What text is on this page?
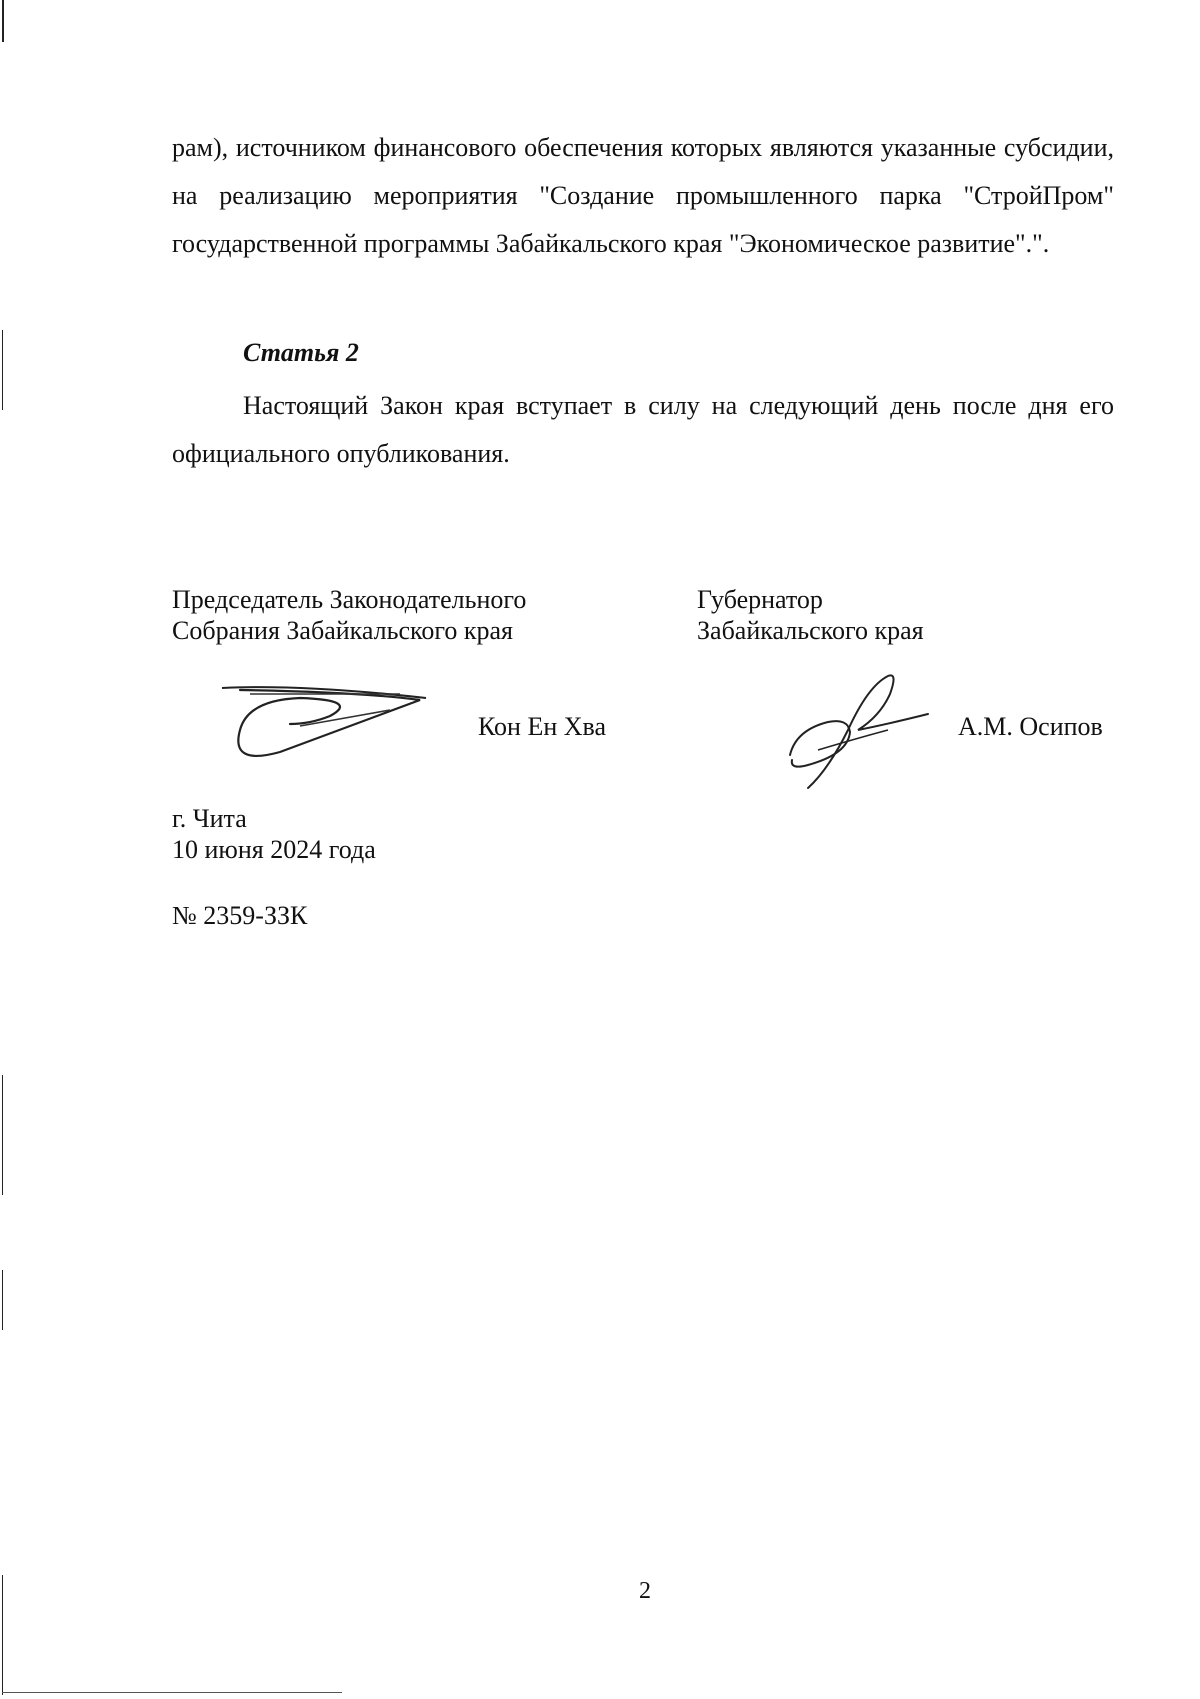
рам), источником финансового обеспечения которых являются указанные субсидии, на реализацию мероприятия "Создание промышленного парка "СтройПром" государственной программы Забайкальского края "Экономическое развитие".".

Статья 2

Настоящий Закон края вступает в силу на следующий день после дня его официального опубликования.

Председатель Законодательного
Собрания Забайкальского края
Губернатор
Забайкальского края
Кон Ен Хва	А.М. Осипов
г. Чита
10 июня 2024 года
№ 2359-ЗЗК
2
